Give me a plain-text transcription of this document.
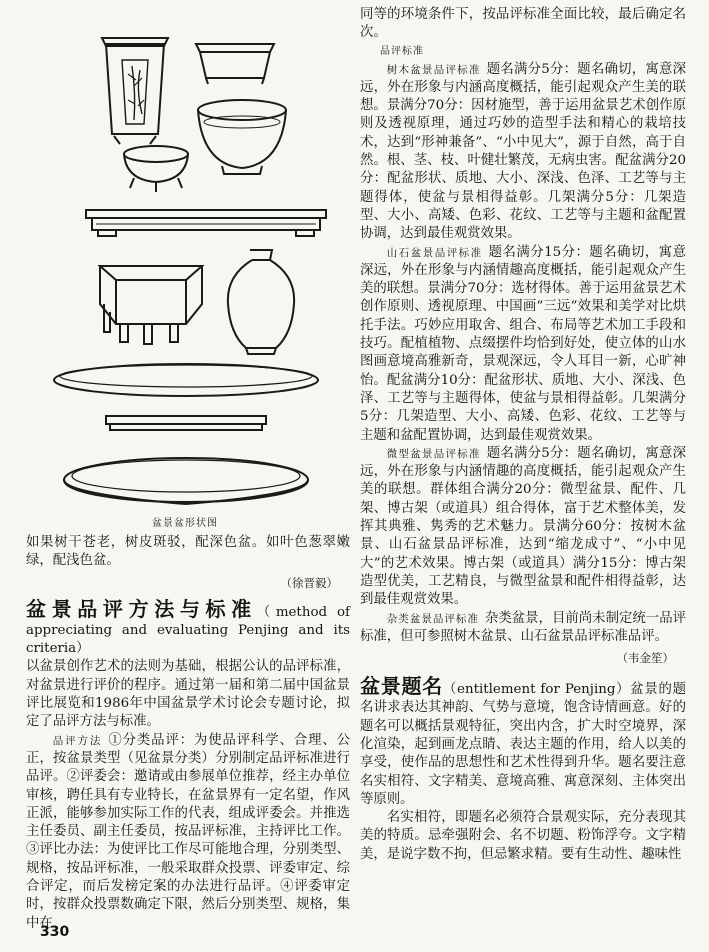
盆景盆形状图

如果树干苍老，树皮斑驳，配深色盆。如叶色葱翠嫩绿，配浅色盆。

（徐晋毅）

盆景品评方法与标准（method of appreciating and evaluating Penjing and its criteria）

以盆景创作艺术的法则为基础，根据公认的品评标准，对盆景进行评价的程序。通过第一届和第二届中国盆景评比展览和1986年中国盆景学术讨论会专题讨论，拟定了品评方法与标准。

品评方法 ①分类品评：为使品评科学、合理、公正，按盆景类型（见盆景分类）分别制定品评标准进行品评。②评委会：邀请或由参展单位推荐，经主办单位审核，聘任具有专业特长，在盆景界有一定名望，作风正派，能够参加实际工作的代表，组成评委会。并推选主任委员、副主任委员，按品评标准，主持评比工作。③评比办法：为使评比工作尽可能地合理，分别类型、规格，按品评标准，一般采取群众投票、评委审定、综合评定，而后发榜定案的办法进行品评。④评委审定时，按群众投票数确定下限，然后分别类型、规格，集中在

同等的环境条件下，按品评标准全面比较，最后确定名次。

品评标准

树木盆景品评标准 题名满分5分：题名确切，寓意深远，外在形象与内涵高度概括，能引起观众产生美的联想。景满分70分：因材施型，善于运用盆景艺术创作原则及透视原理，通过巧妙的造型手法和精心的栽培技术，达到“形神兼备”、“小中见大”，源于自然，高于自然。根、茎、枝、叶健壮繁茂，无病虫害。配盆满分20分：配盆形状、质地、大小、深浅、色泽、工艺等与主题得体，使盆与景相得益彰。几架满分5分：几架造型、大小、高矮、色彩、花纹、工艺等与主题和盆配置协调，达到最佳观赏效果。

山石盆景品评标准 题名满分15分：题名确切，寓意深远，外在形象与内涵情趣高度概括，能引起观众产生美的联想。景满分70分：选材得体。善于运用盆景艺术创作原则、透视原理、中国画“三远”效果和美学对比烘托手法。巧妙应用取舍、组合、布局等艺术加工手段和技巧。配植植物、点缀摆件均恰到好处，使立体的山水图画意境高雅新奇，景观深远，令人耳目一新，心旷神怡。配盆满分10分：配盆形状、质地、大小、深浅、色泽、工艺等与主题得体，使盆与景相得益彰。几架满分5分：几架造型、大小、高矮、色彩、花纹、工艺等与主题和盆配置协调，达到最佳观赏效果。

微型盆景品评标准 题名满分5分：题名确切，寓意深远，外在形象与内涵情趣的高度概括，能引起观众产生美的联想。群体组合满分20分：微型盆景、配件、几架、博古架（或道具）组合得体，富于艺术整体美，发挥其典雅、隽秀的艺术魅力。景满分60分：按树木盆景、山石盆景品评标准，达到“缩龙成寸”、“小中见大”的艺术效果。博古架（或道具）满分15分：博古架造型优美，工艺精良，与微型盆景和配件相得益彰，达到最佳观赏效果。

杂类盆景品评标准 杂类盆景，目前尚未制定统一品评标准，但可参照树木盆景、山石盆景品评标准品评。

（韦金笙）

盆景题名（entitlement for Penjing）盆景的题名讲求表达其神韵、气势与意境，饱含诗情画意。好的题名可以概括景观特征，突出内含，扩大时空境界，深化渲染，起到画龙点睛、表达主题的作用，给人以美的享受，使作品的思想性和艺术性得到升华。题名要注意名实相符、文字精美、意境高雅、寓意深刻、主体突出等原则。

名实相符，即题名必须符合景观实际，充分表现其美的特质。忌牵强附会、名不切题、粉饰浮夸。文字精美，是说字数不拘，但忌繁求精。要有生动性、趣味性

330
